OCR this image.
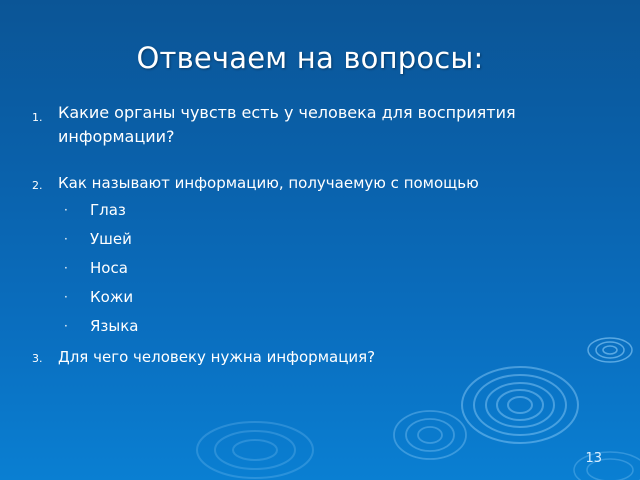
Отвечаем на вопросы:
1. Какие органы чувств есть у человека для восприятия информации?
2. Как называют информацию, получаемую с помощью
· Глаз
· Ушей
· Носа
· Кожи
· Языка
3. Для чего человеку нужна информация?
13
